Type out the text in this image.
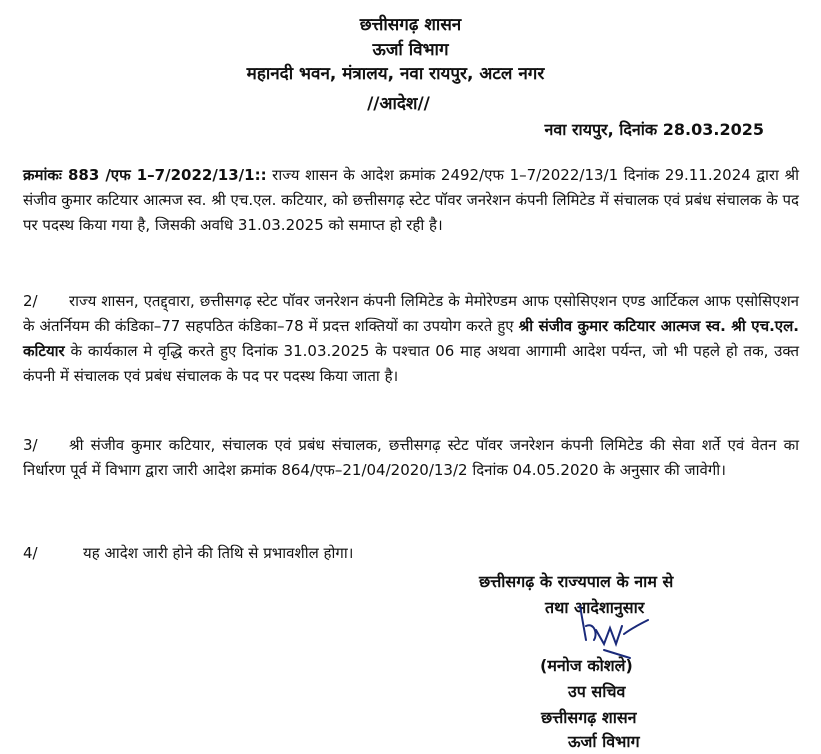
छत्तीसगढ़ शासन
ऊर्जा विभाग
महानदी भवन, मंत्रालय, नवा रायपुर, अटल नगर
//आदेश//
नवा रायपुर, दिनांक 28.03.2025

क्रमांकः 883 /एफ 1–7/2022/13/1:: राज्य शासन के आदेश क्रमांक 2492/एफ 1–7/2022/13/1 दिनांक 29.11.2024 द्वारा श्री संजीव कुमार कटियार आत्मज स्व. श्री एच.एल. कटियार, को छत्तीसगढ़ स्टेट पॉवर जनरेशन कंपनी लिमिटेड में संचालक एवं प्रबंध संचालक के पद पर पदस्थ किया गया है, जिसकी अवधि 31.03.2025 को समाप्त हो रही है।

2/ राज्य शासन, एतद्द्वारा, छत्तीसगढ़ स्टेट पॉवर जनरेशन कंपनी लिमिटेड के मेमोरेण्डम आफ एसोसिएशन एण्ड आर्टिकल आफ एसोसिएशन के अंतर्नियम की कंडिका–77 सहपठित कंडिका–78 में प्रदत्त शक्तियों का उपयोग करते हुए श्री संजीव कुमार कटियार आत्मज स्व. श्री एच.एल. कटियार के कार्यकाल मे वृद्धि करते हुए दिनांक 31.03.2025 के पश्चात 06 माह अथवा आगामी आदेश पर्यन्त, जो भी पहले हो तक, उक्त कंपनी में संचालक एवं प्रबंध संचालक के पद पर पदस्थ किया जाता है।

3/ श्री संजीव कुमार कटियार, संचालक एवं प्रबंध संचालक, छत्तीसगढ़ स्टेट पॉवर जनरेशन कंपनी लिमिटेड की सेवा शर्ते एवं वेतन का निर्धारण पूर्व में विभाग द्वारा जारी आदेश क्रमांक 864/एफ–21/04/2020/13/2 दिनांक 04.05.2020 के अनुसार की जावेगी।

4/	यह आदेश जारी होने की तिथि से प्रभावशील होगा।

छत्तीसगढ़ के राज्यपाल के नाम से
तथा आदेशानुसार
(मनोज कोशले)
उप सचिव
छत्तीसगढ़ शासन
ऊर्जा विभाग
